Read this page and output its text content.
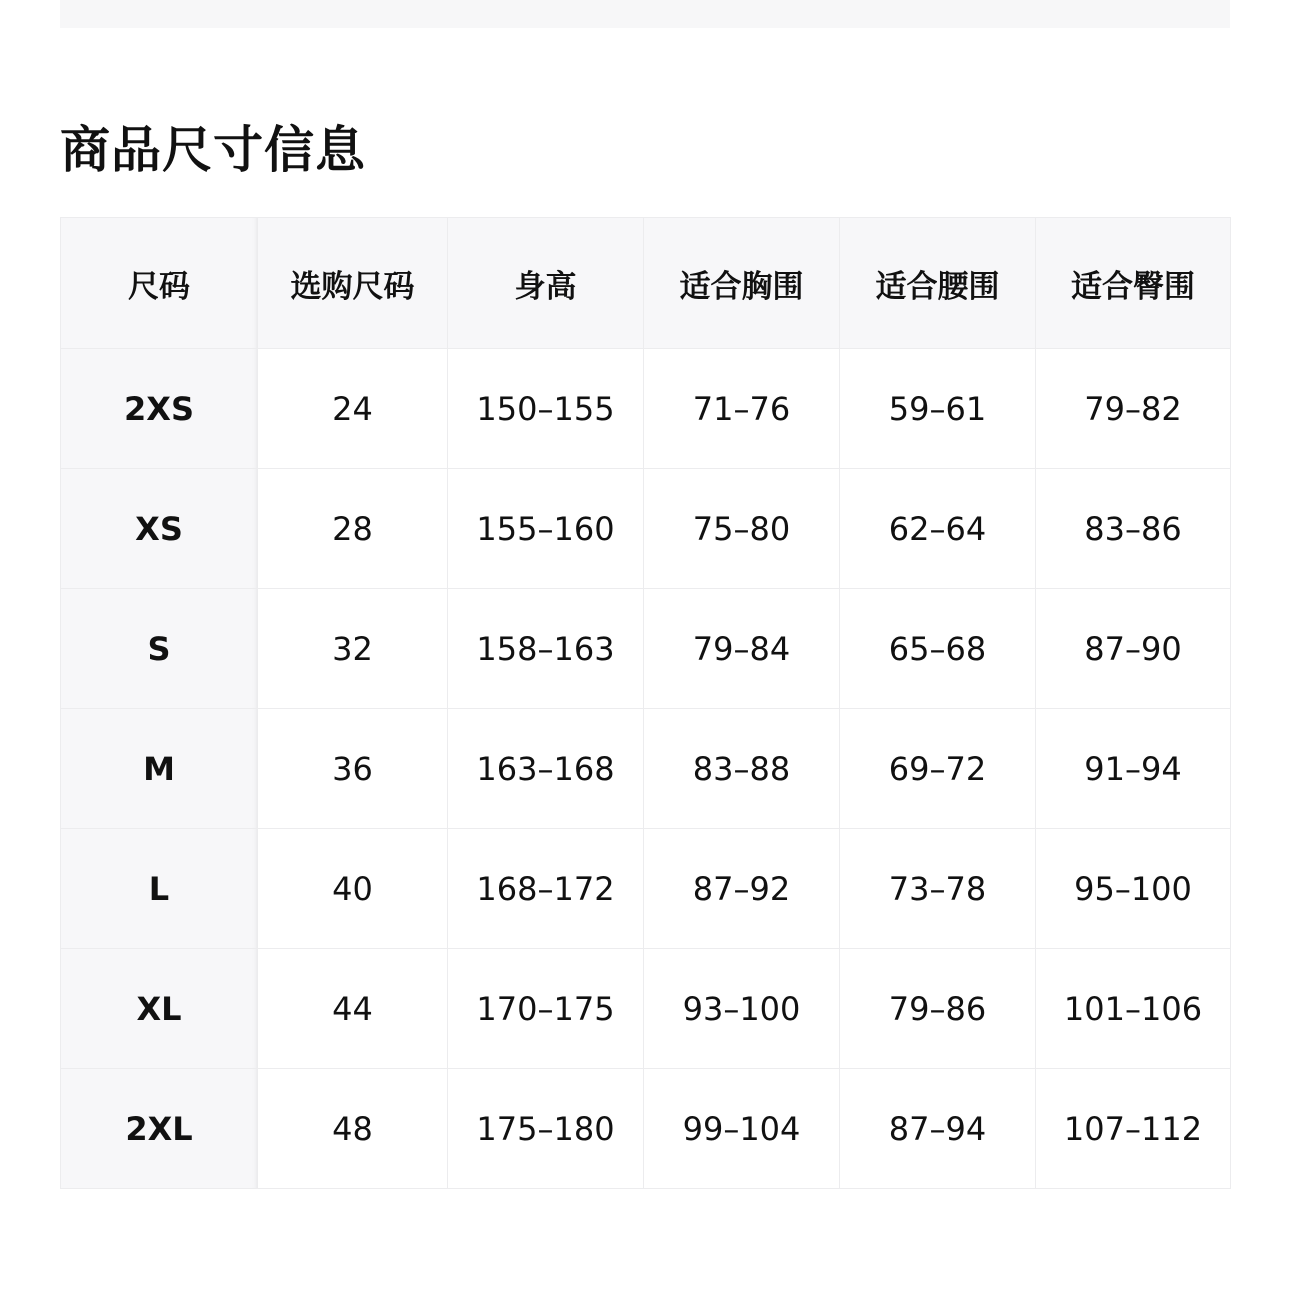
商品尺寸信息
尺码	选购尺码	身高	适合胸围	适合腰围	适合臀围
2XS	24	150–155	71–76	59–61	79–82
XS	28	155–160	75–80	62–64	83–86
S	32	158–163	79–84	65–68	87–90
M	36	163–168	83–88	69–72	91–94
L	40	168–172	87–92	73–78	95–100
XL	44	170–175	93–100	79–86	101–106
2XL	48	175–180	99–104	87–94	107–112
